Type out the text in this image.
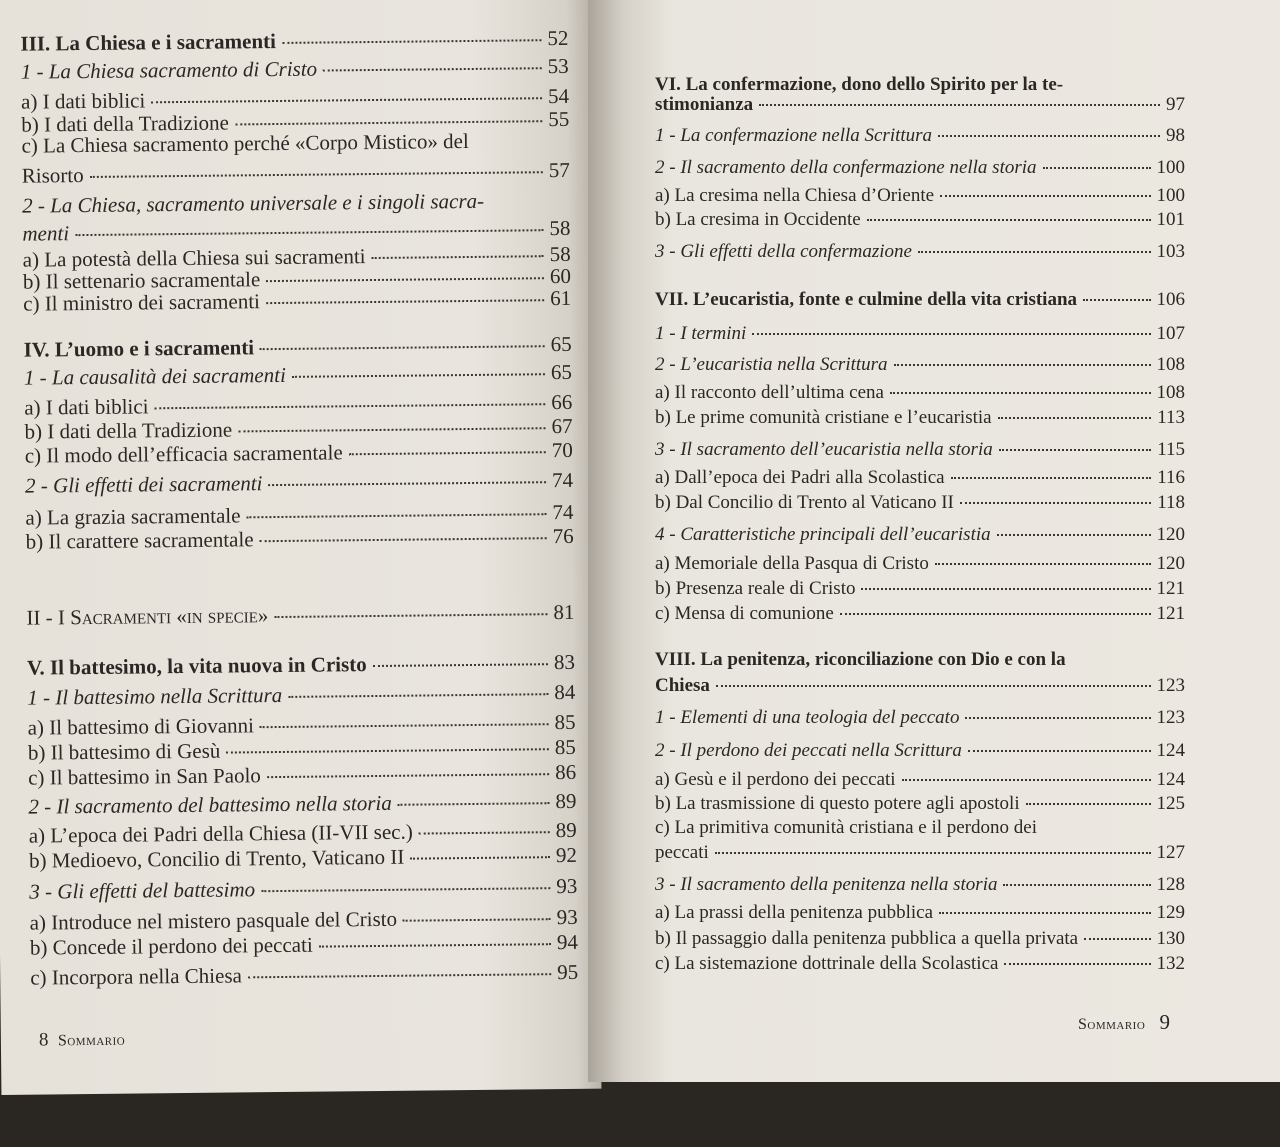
III. La Chiesa e i sacramenti	52
1 - La Chiesa sacramento di Cristo	53
a) I dati biblici	54
b) I dati della Tradizione	55
c) La Chiesa sacramento perché «Corpo Mistico» del
Risorto	57
2 - La Chiesa, sacramento universale e i singoli sacra-
menti	58
a) La potestà della Chiesa sui sacramenti	58
b) Il settenario sacramentale	60
c) Il ministro dei sacramenti	61
IV. L’uomo e i sacramenti	65
1 - La causalità dei sacramenti	65
a) I dati biblici	66
b) I dati della Tradizione	67
c) Il modo dell’efficacia sacramentale	70
2 - Gli effetti dei sacramenti	74
a) La grazia sacramentale	74
b) Il carattere sacramentale	76
II - I Sacramenti «in specie»	81
V. Il battesimo, la vita nuova in Cristo	83
1 - Il battesimo nella Scrittura	84
a) Il battesimo di Giovanni	85
b) Il battesimo di Gesù	85
c) Il battesimo in San Paolo	86
2 - Il sacramento del battesimo nella storia	89
a) L’epoca dei Padri della Chiesa (II-VII sec.)	89
b) Medioevo, Concilio di Trento, Vaticano II	92
3 - Gli effetti del battesimo	93
a) Introduce nel mistero pasquale del Cristo	93
b) Concede il perdono dei peccati	94
c) Incorpora nella Chiesa	95
8 Sommario
VI. La confermazione, dono dello Spirito per la te-
stimonianza	97
1 - La confermazione nella Scrittura	98
2 - Il sacramento della confermazione nella storia	100
a) La cresima nella Chiesa d’Oriente	100
b) La cresima in Occidente	101
3 - Gli effetti della confermazione	103
VII. L’eucaristia, fonte e culmine della vita cristiana	106
1 - I termini	107
2 - L’eucaristia nella Scrittura	108
a) Il racconto dell’ultima cena	108
b) Le prime comunità cristiane e l’eucaristia	113
3 - Il sacramento dell’eucaristia nella storia	115
a) Dall’epoca dei Padri alla Scolastica	116
b) Dal Concilio di Trento al Vaticano II	118
4 - Caratteristiche principali dell’eucaristia	120
a) Memoriale della Pasqua di Cristo	120
b) Presenza reale di Cristo	121
c) Mensa di comunione	121
VIII. La penitenza, riconciliazione con Dio e con la
Chiesa	123
1 - Elementi di una teologia del peccato	123
2 - Il perdono dei peccati nella Scrittura	124
a) Gesù e il perdono dei peccati	124
b) La trasmissione di questo potere agli apostoli	125
c) La primitiva comunità cristiana e il perdono dei
peccati	127
3 - Il sacramento della penitenza nella storia	128
a) La prassi della penitenza pubblica	129
b) Il passaggio dalla penitenza pubblica a quella privata	130
c) La sistemazione dottrinale della Scolastica	132
Sommario 9
